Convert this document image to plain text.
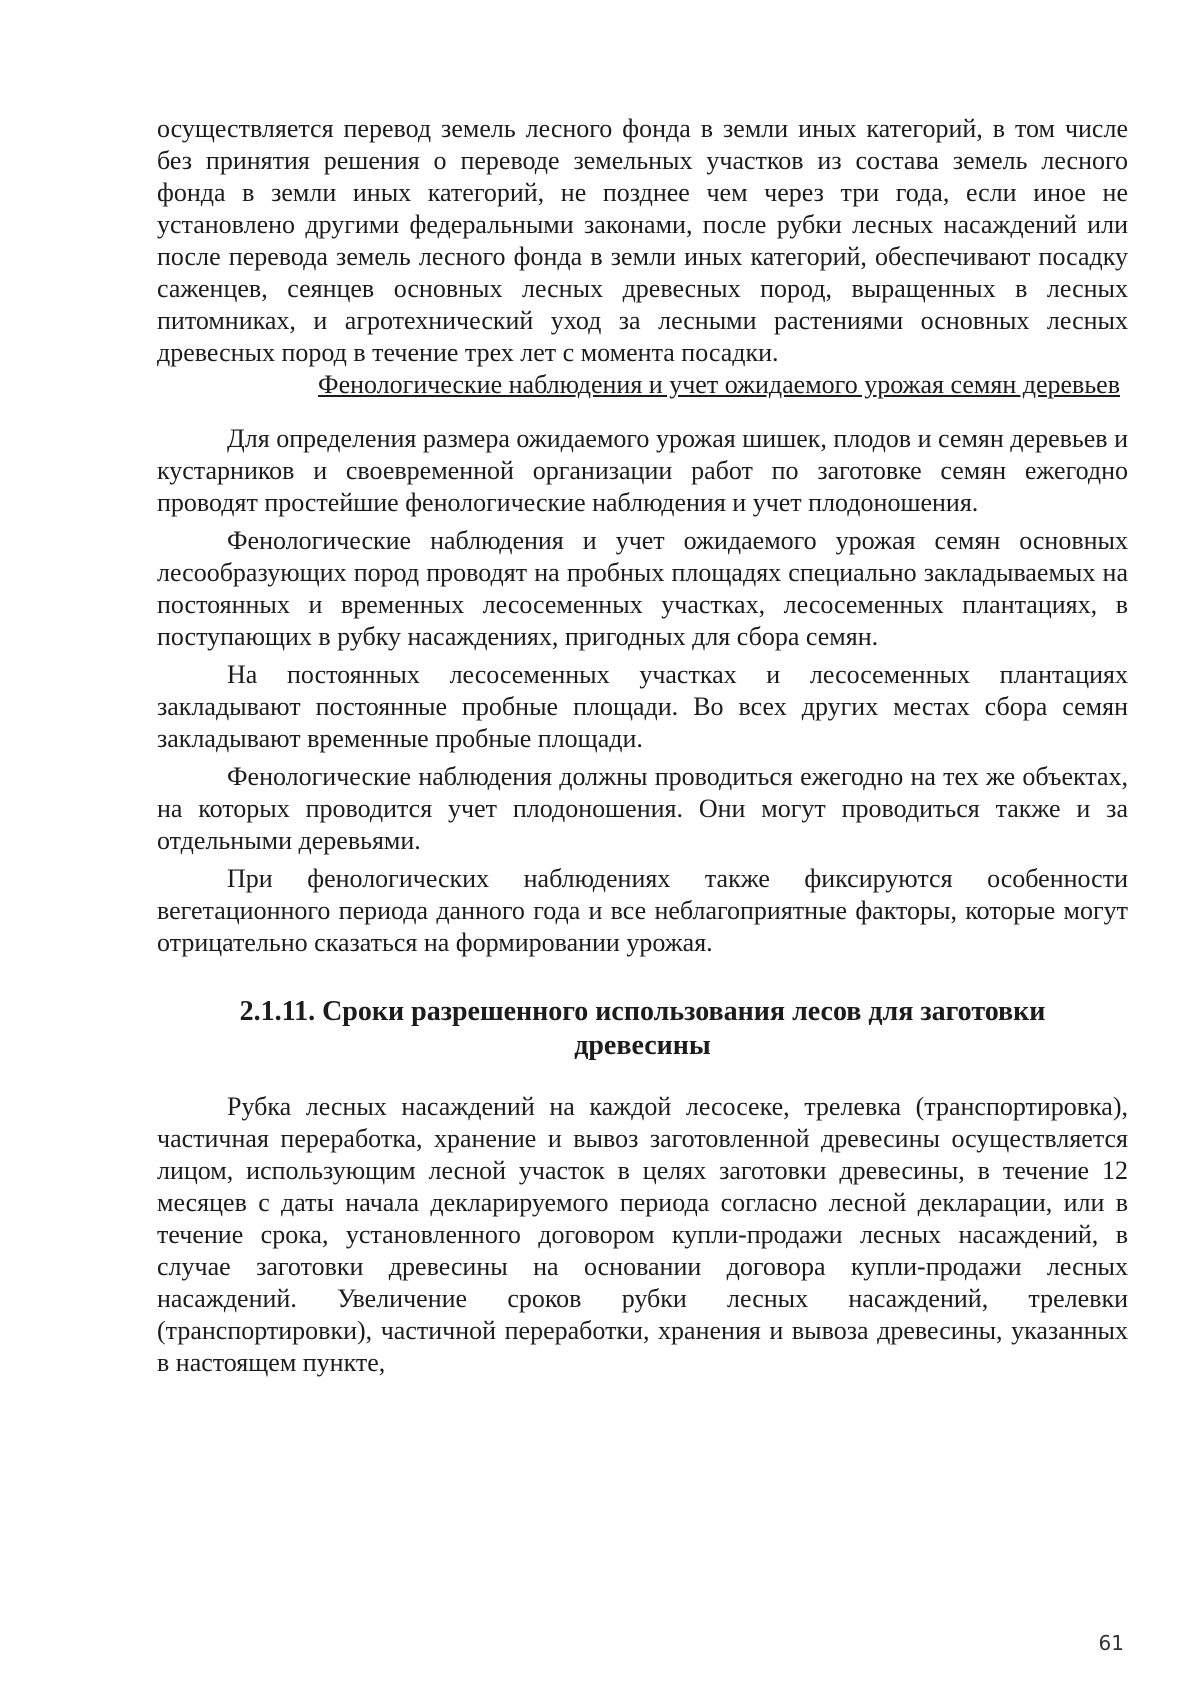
осуществляется перевод земель лесного фонда в земли иных категорий, в том числе без принятия решения о переводе земельных участков из состава земель лесного фонда в земли иных категорий, не позднее чем через три года, если иное не установлено другими федеральными законами, после рубки лесных насаждений или после перевода земель лесного фонда в земли иных категорий, обеспечивают посадку саженцев, сеянцев основных лесных древесных пород, выращенных в лесных питомниках, и агротехнический уход за лесными растениями основных лесных древесных пород в течение трех лет с момента посадки.

Фенологические наблюдения и учет ожидаемого урожая семян деревьев

Для определения размера ожидаемого урожая шишек, плодов и семян деревьев и кустарников и своевременной организации работ по заготовке семян ежегодно проводят простейшие фенологические наблюдения и учет плодоношения.

Фенологические наблюдения и учет ожидаемого урожая семян основных лесообразующих пород проводят на пробных площадях специально закладываемых на постоянных и временных лесосеменных участках, лесосеменных плантациях, в поступающих в рубку насаждениях, пригодных для сбора семян.

На постоянных лесосеменных участках и лесосеменных плантациях закладывают постоянные пробные площади. Во всех других местах сбора семян закладывают временные пробные площади.

Фенологические наблюдения должны проводиться ежегодно на тех же объектах, на которых проводится учет плодоношения. Они могут проводиться также и за отдельными деревьями.

При фенологических наблюдениях также фиксируются особенности вегетационного периода данного года и все неблагоприятные факторы, которые могут отрицательно сказаться на формировании урожая.

2.1.11. Сроки разрешенного использования лесов для заготовки древесины

Рубка лесных насаждений на каждой лесосеке, трелевка (транспортировка), частичная переработка, хранение и вывоз заготовленной древесины осуществляется лицом, использующим лесной участок в целях заготовки древесины, в течение 12 месяцев с даты начала декларируемого периода согласно лесной декларации, или в течение срока, установленного договором купли-продажи лесных насаждений, в случае заготовки древесины на основании договора купли-продажи лесных насаждений. Увеличение сроков рубки лесных насаждений, трелевки (транспортировки), частичной переработки, хранения и вывоза древесины, указанных в настоящем пункте,

61
